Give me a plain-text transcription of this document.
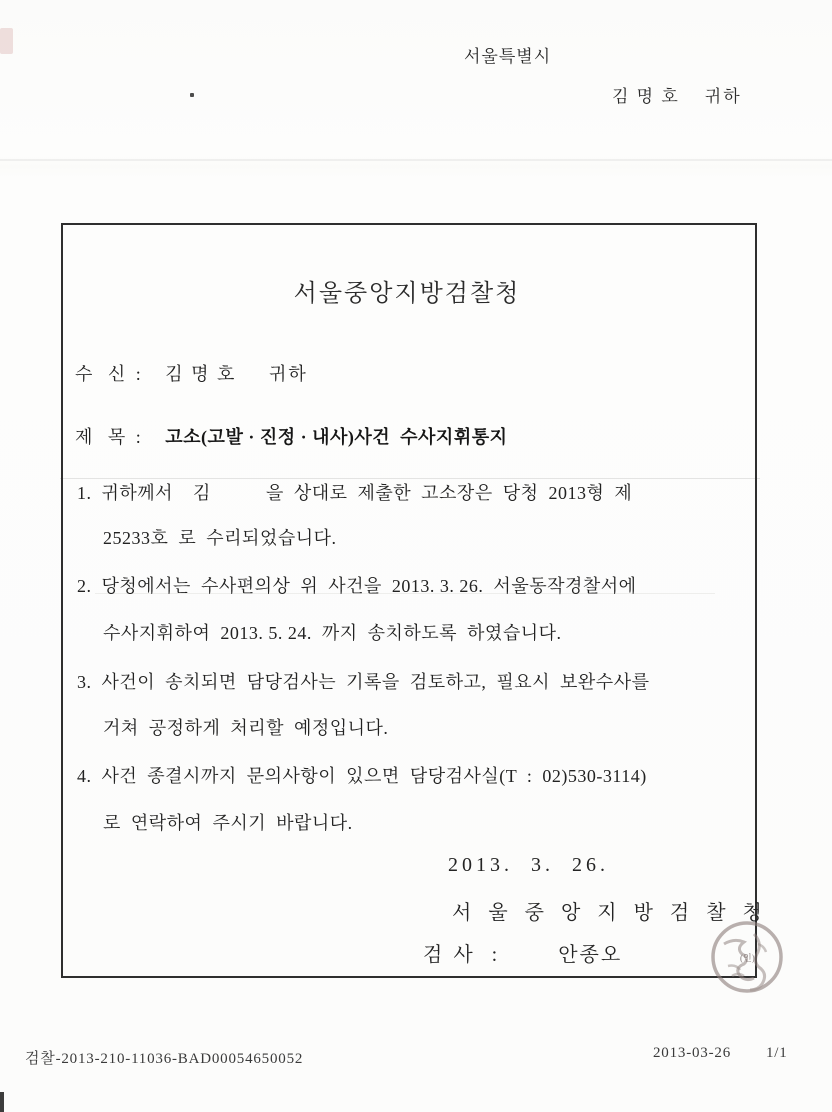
서울특별시
김 명 호    귀하
서울중앙지방검찰청
수   신  : 김 명 호     귀하
제   목  : 고소(고발 · 진정 · 내사)사건  수사지휘통지
1.  귀하께서    김           을  상대로  제출한  고소장은  당청  2013형  제
25233호  로  수리되었습니다.
2.  당청에서는  수사편의상  위  사건을  2013. 3. 26.  서울동작경찰서에
수사지휘하여  2013. 5. 24.  까지  송치하도록  하였습니다.
3.  사건이  송치되면  담당검사는  기록을  검토하고,  필요시  보완수사를
거쳐  공정하게  처리할  예정입니다.
4.  사건  종결시까지  문의사항이  있으면  담당검사실(T  :  02)530-3114)
로  연락하여  주시기  바랍니다.
2013.  3.  26.
서 울 중 앙 지 방 검 찰 청
검 사  :	안종오	(인)
검찰-2013-210-11036-BAD00054650052	2013-03-26 1/1
